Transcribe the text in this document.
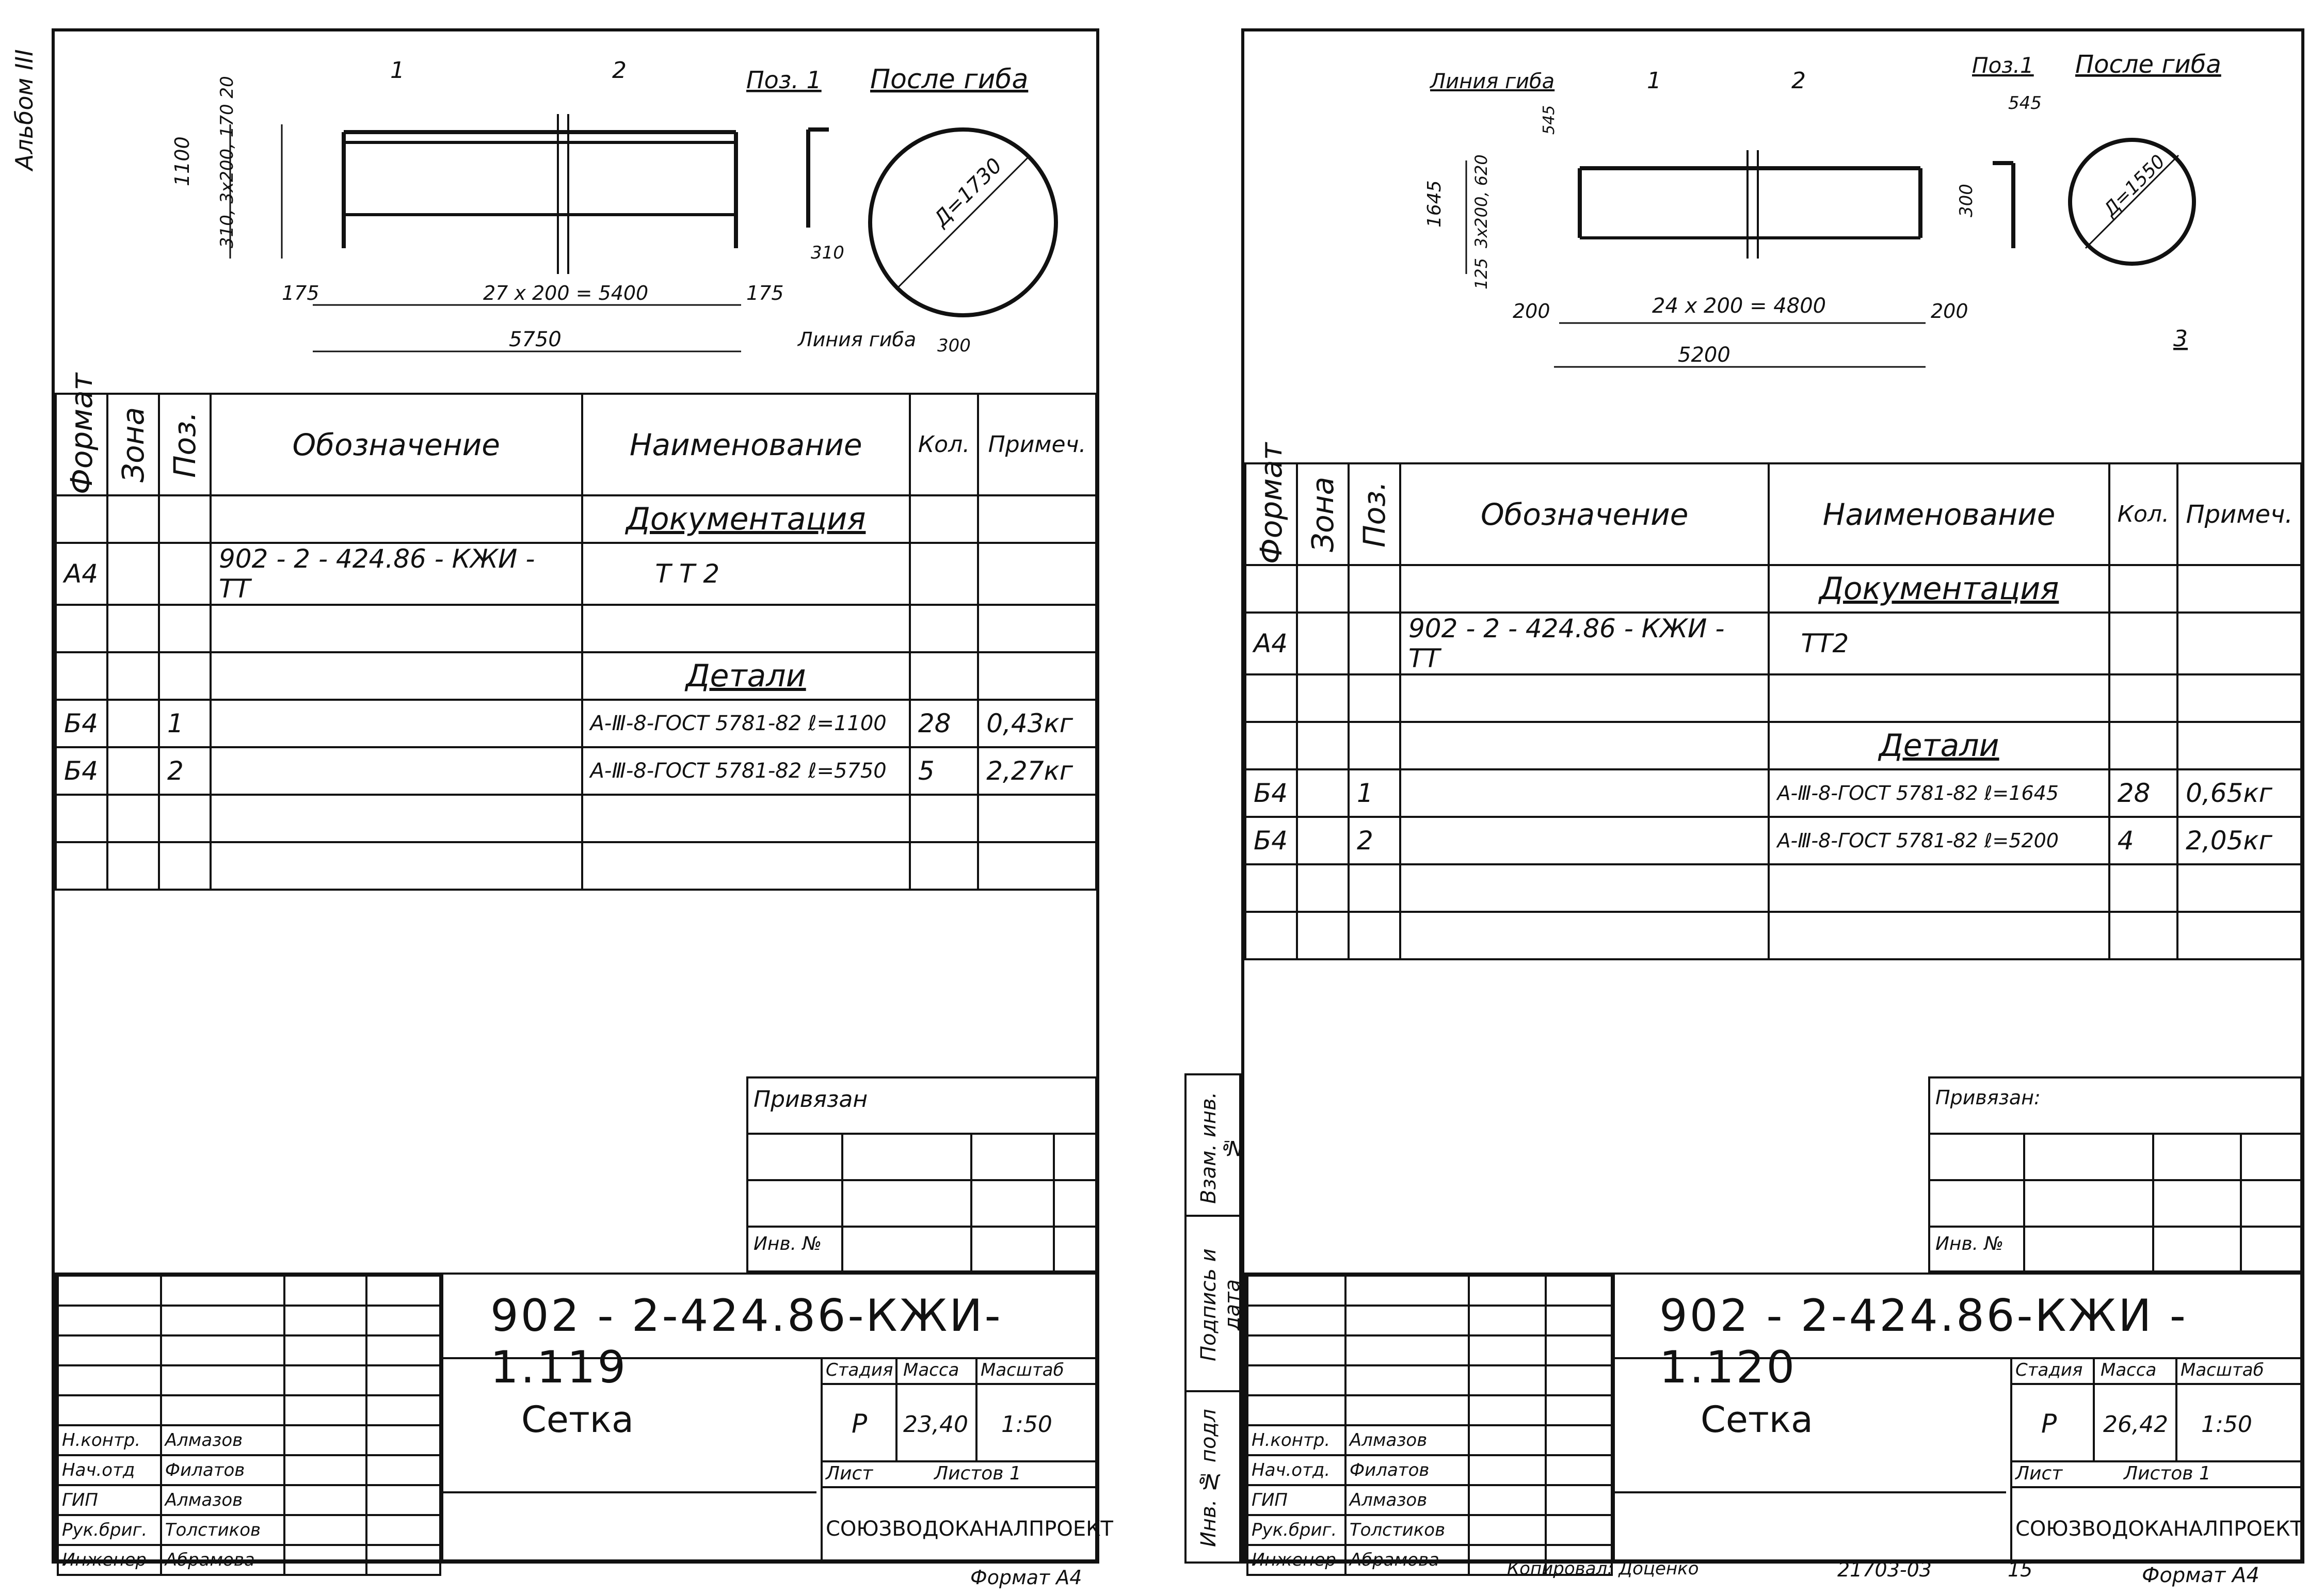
Альбом III	1100 310, 3x200, 170 20
175	27 x 200 = 5400	175
5750
1	2	Поз. 1 После гиба
310
Д=1730
Линия гиба 300
Формат	Зона	Поз.	Обозначение	Наименование	Кол.	Примеч.
				Документация		
А4			902 - 2 - 424.86 - КЖИ - ТТ	Т Т 2		

				Детали		
Б4		1		А-Ⅲ-8-ГОСТ 5781-82 ℓ=1100	28	0,43кг
Б4		2		А-Ⅲ-8-ГОСТ 5781-82 ℓ=5750	5	2,27кг

Привязан
Инв. №
902 - 2-424.86-КЖИ- 1.119
Сетка
Стадия Масса Масштаб
Р 23,40 1:50
Лист	Листов 1
СОЮЗВОДОКАНАЛПРОЕКТ

Н.контр.	Алмазов		
Нач.отд	Филатов		
ГИП	Алмазов		
Рук.бриг.	Толстиков		
Инженер	Абрамова		
Формат А4
Линия гиба	1	2
Поз.1 После гиба
545
545
1645 3x200, 620
125
200	24 x 200 = 4800	200
5200
300	Д=1550
3
Формат	Зона	Поз.	Обозначение	Наименование	Кол.	Примеч.
				Документация		
А4			902 - 2 - 424.86 - КЖИ - ТТ	ТТ2		

				Детали		
Б4		1		А-Ⅲ-8-ГОСТ 5781-82 ℓ=1645	28	0,65кг
Б4		2		А-Ⅲ-8-ГОСТ 5781-82 ℓ=5200	4	2,05кг

Привязан:
Инв. №
902 - 2-424.86-КЖИ - 1.120
Сетка
Стадия Масса Масштаб
Р 26,42 1:50
Лист	Листов 1
СОЮЗВОДОКАНАЛПРОЕКТ

Н.контр.	Алмазов		
Нач.отд.	Филатов		
ГИП	Алмазов		
Рук.бриг.	Толстиков		
Инженер	Абрамова		
Взам. инв. №
Подпись и дата
Инв. № подл
Копировал: Доценко	21703-03	15	Формат А4
